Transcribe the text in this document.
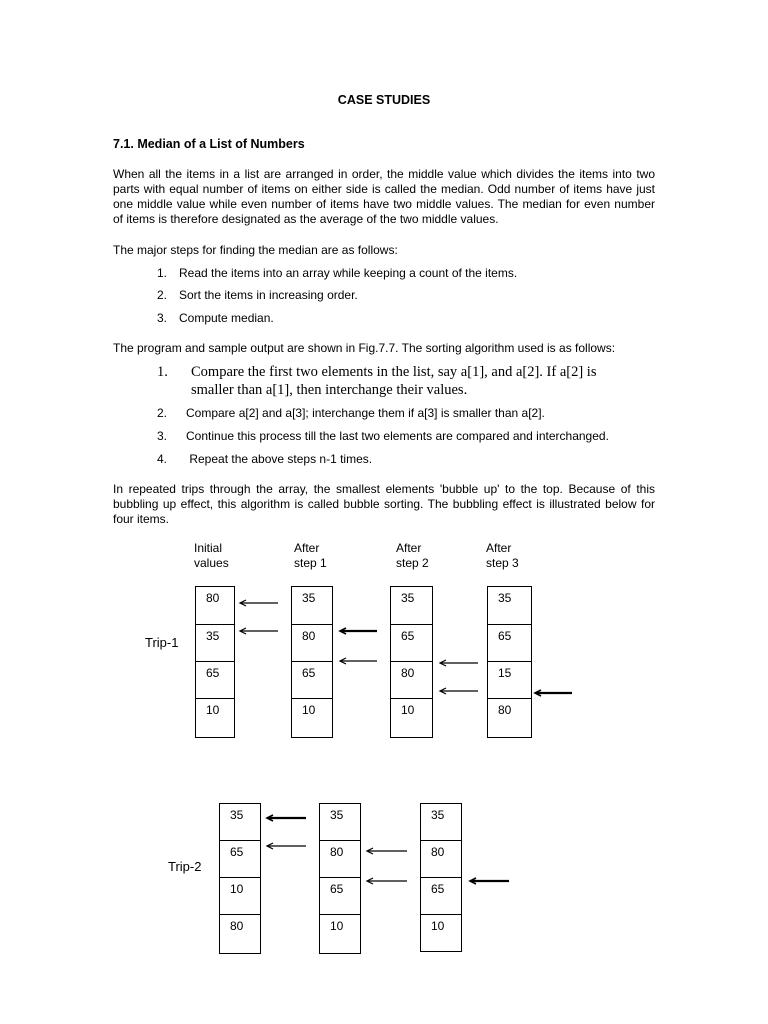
CASE STUDIES
7.1. Median of a List of Numbers
When all the items in a list are arranged in order, the middle value which divides the items into two parts with equal number of items on either side is called the median. Odd number of items have just one middle value while even number of items have two middle values. The median for even number of items is therefore designated as the average of the two middle values.
The major steps for finding the median are as follows:
1. Read the items into an array while keeping a count of the items.
2. Sort the items in increasing order.
3. Compute median.
The program and sample output are shown in Fig.7.7. The sorting algorithm used is as follows:
1. Compare the first two elements in the list, say a[1], and a[2]. If a[2] is
smaller than a[1], then interchange their values.
2. Compare a[2] and a[3]; interchange them if a[3] is smaller than a[2].
3. Continue this process till the last two elements are compared and interchanged.
4. Repeat the above steps n-1 times.
In repeated trips through the array, the smallest elements 'bubble up' to the top. Because of this bubbling up effect, this algorithm is called bubble sorting. The bubbling effect is illustrated below for four items.
Initial
values
After
step 1
After
step 2
After
step 3
Trip-1
80
35
65
10
35
80
65
10
35
65
80
10
35
65
15
80
Trip-2
35
65
10
80
35
80
65
10
35
80
65
10
